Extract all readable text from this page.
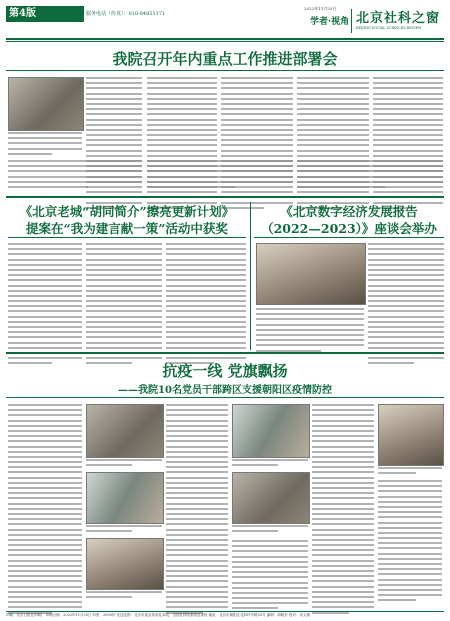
第4版	服务电话（传真）：010-84851171
2022年11月25日
学者·视角 北京社科之窗
BEIJING SOCIAL SCIENCES REVIEW
我院召开年内重点工作推进部署会
《北京老城“胡同简介”擦亮更新计划》
提案在“我为建言献一策”活动中获奖
《北京数字经济发展报告
（2022—2023）》座谈会举办
抗疫一线 党旗飘扬
——我院10名党员干部跨区支援朝阳区疫情防控
印刷：北京日报社印刷厂 印刷日期：2022年11月25日 印张：2000份 发送范围：北京市委宣传部及本院、全国社科院系统及高校 地址：北京市朝阳区北四环中路33号 编辑：胡晓东 校对：宋文娟
